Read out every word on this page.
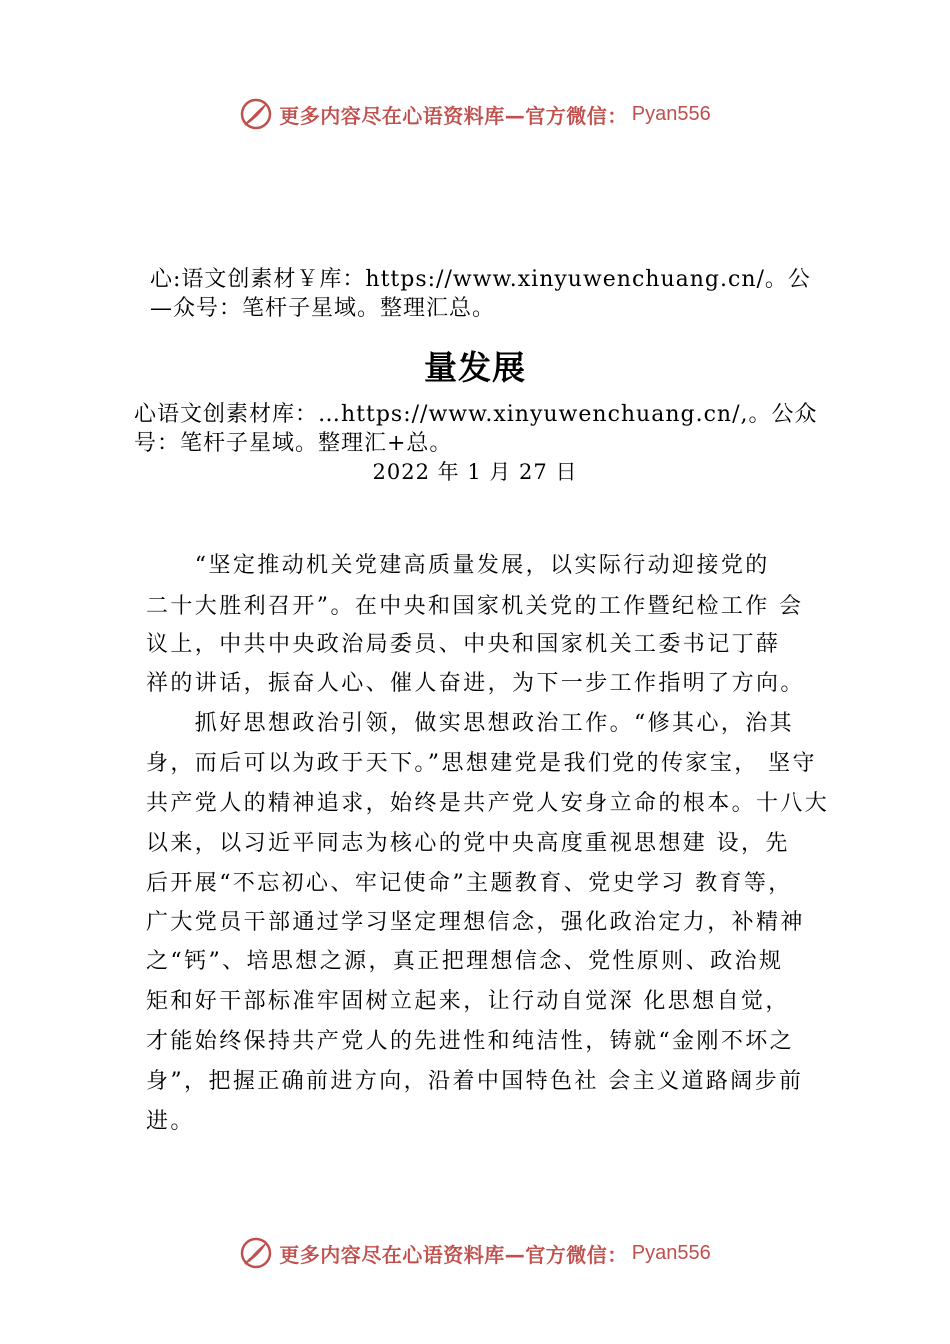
更多内容尽在心语资料库—官方微信： Pyan556
心:语文创素材￥库：https://www.xinyuwenchuang.cn/。公
—众号：笔杆子星域。整理汇总。
量发展
心语文创素材库：…https://www.xinyuwenchuang.cn/,。公众
号：笔杆子星域。整理汇+总。
2022 年 1 月 27 日
　　“坚定推动机关党建高质量发展，以实际行动迎接党的
二十大胜利召开”。在中央和国家机关党的工作暨纪检工作 会
议上，中共中央政治局委员、中央和国家机关工委书记丁薛
祥的讲话，振奋人心、催人奋进，为下一步工作指明了方向。
　　抓好思想政治引领，做实思想政治工作。“修其心，治其
身，而后可以为政于天下。”思想建党是我们党的传家宝， 坚守
共产党人的精神追求，始终是共产党人安身立命的根本。十八大
以来，以习近平同志为核心的党中央高度重视思想建 设，先
后开展“不忘初心、牢记使命”主题教育、党史学习 教育等，
广大党员干部通过学习坚定理想信念，强化政治定力，补精神
之“钙”、培思想之源，真正把理想信念、党性原则、政治规
矩和好干部标准牢固树立起来，让行动自觉深 化思想自觉，
才能始终保持共产党人的先进性和纯洁性，铸就“金刚不坏之
身”，把握正确前进方向，沿着中国特色社 会主义道路阔步前
进。
更多内容尽在心语资料库—官方微信： Pyan556
